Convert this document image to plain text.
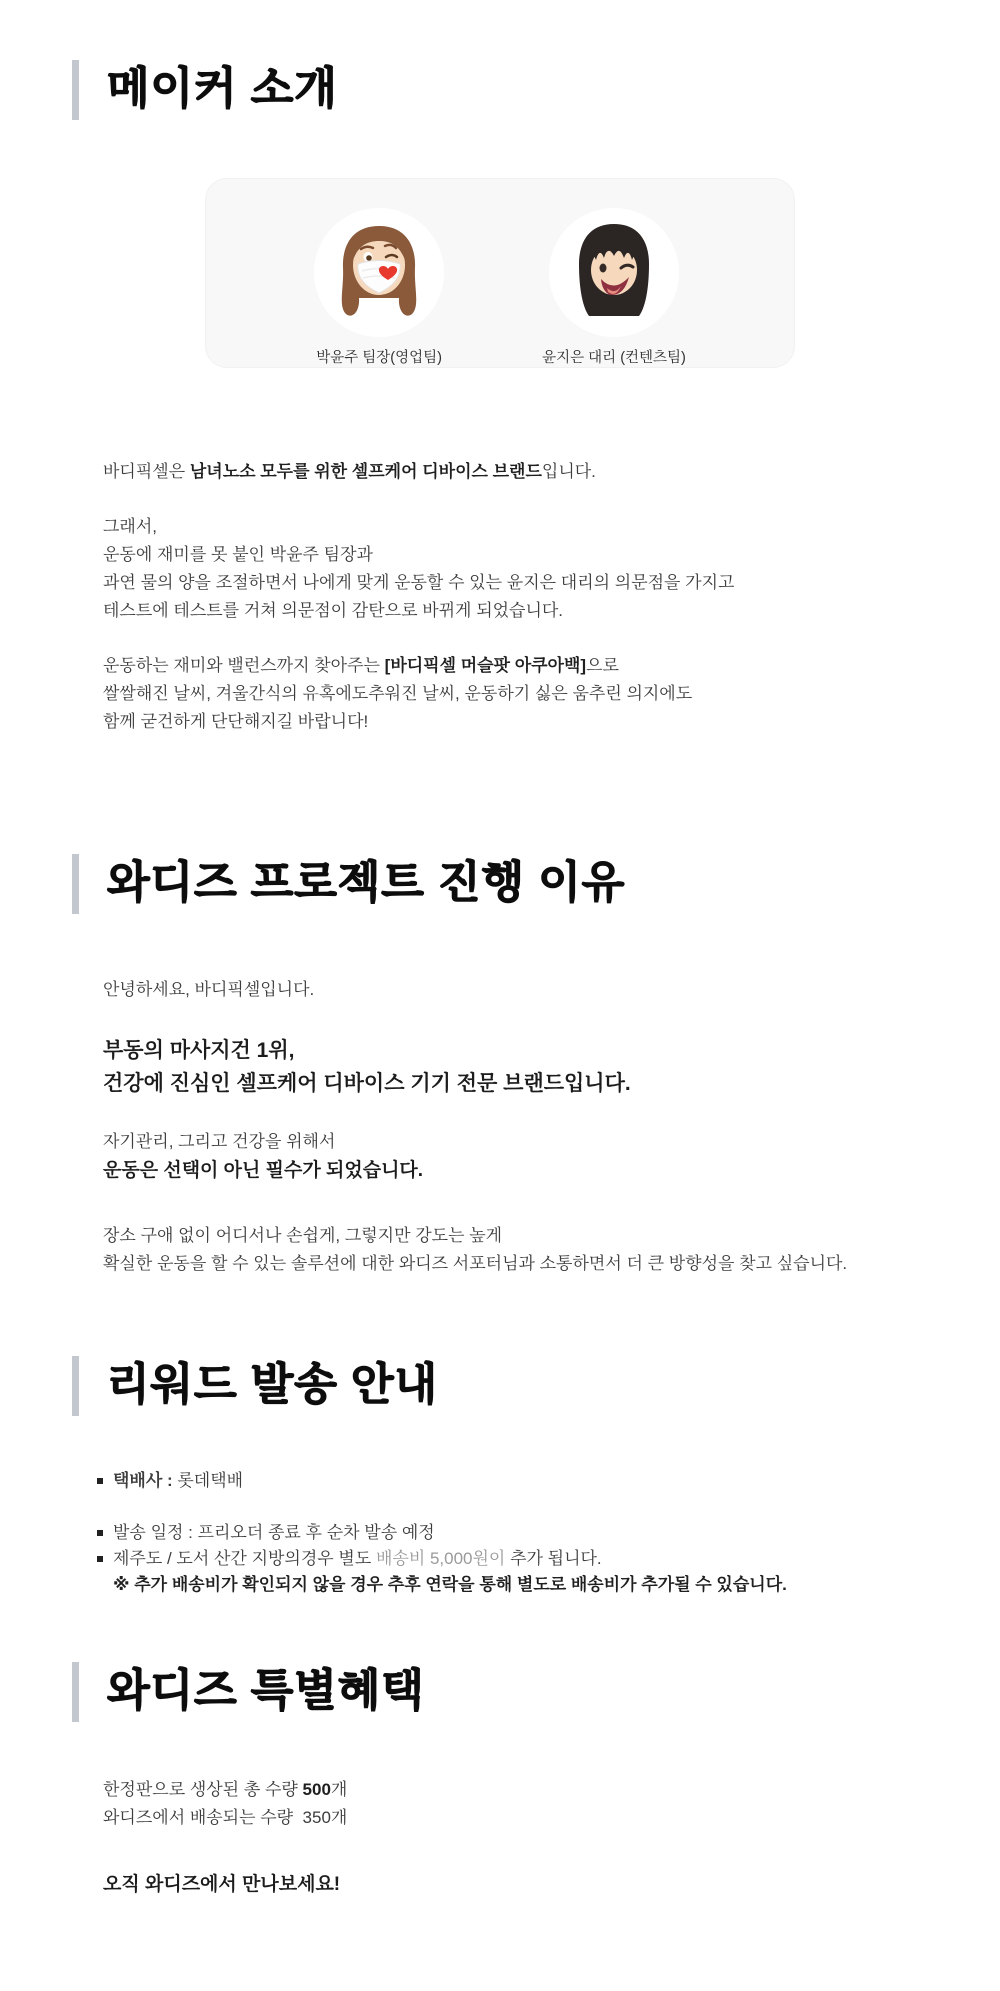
메이커 소개
박윤주 팀장(영업팀)	윤지은 대리 (컨텐츠팀)

바디픽셀은 남녀노소 모두를 위한 셀프케어 디바이스 브랜드입니다.

그래서,

운동에 재미를 못 붙인 박윤주 팀장과

과연 물의 양을 조절하면서 나에게 맞게 운동할 수 있는 윤지은 대리의 의문점을 가지고

테스트에 테스트를 거쳐 의문점이 감탄으로 바뀌게 되었습니다.

운동하는 재미와 밸런스까지 찾아주는 [바디픽셀 머슬팟 아쿠아백]으로

쌀쌀해진 날씨, 겨울간식의 유혹에도추워진 날씨, 운동하기 싫은 움추린 의지에도

함께 굳건하게 단단해지길 바랍니다!

와디즈 프로젝트 진행 이유

안녕하세요, 바디픽셀입니다.

부동의 마사지건 1위,

건강에 진심인 셀프케어 디바이스 기기 전문 브랜드입니다.

자기관리, 그리고 건강을 위해서

운동은 선택이 아닌 필수가 되었습니다.

장소 구애 없이 어디서나 손쉽게, 그렇지만 강도는 높게

확실한 운동을 할 수 있는 솔루션에 대한 와디즈 서포터님과 소통하면서 더 큰 방향성을 찾고 싶습니다.

리워드 발송 안내

택배사 : 롯데택배

발송 일정 : 프리오더 종료 후 순차 발송 예정

제주도 / 도서 산간 지방의경우 별도 배송비 5,000원이 추가 됩니다.

※ 추가 배송비가 확인되지 않을 경우 추후 연락을 통해 별도로 배송비가 추가될 수 있습니다.

와디즈 특별혜택

한정판으로 생상된 총 수량 500개

와디즈에서 배송되는 수량  350개

오직 와디즈에서 만나보세요!
